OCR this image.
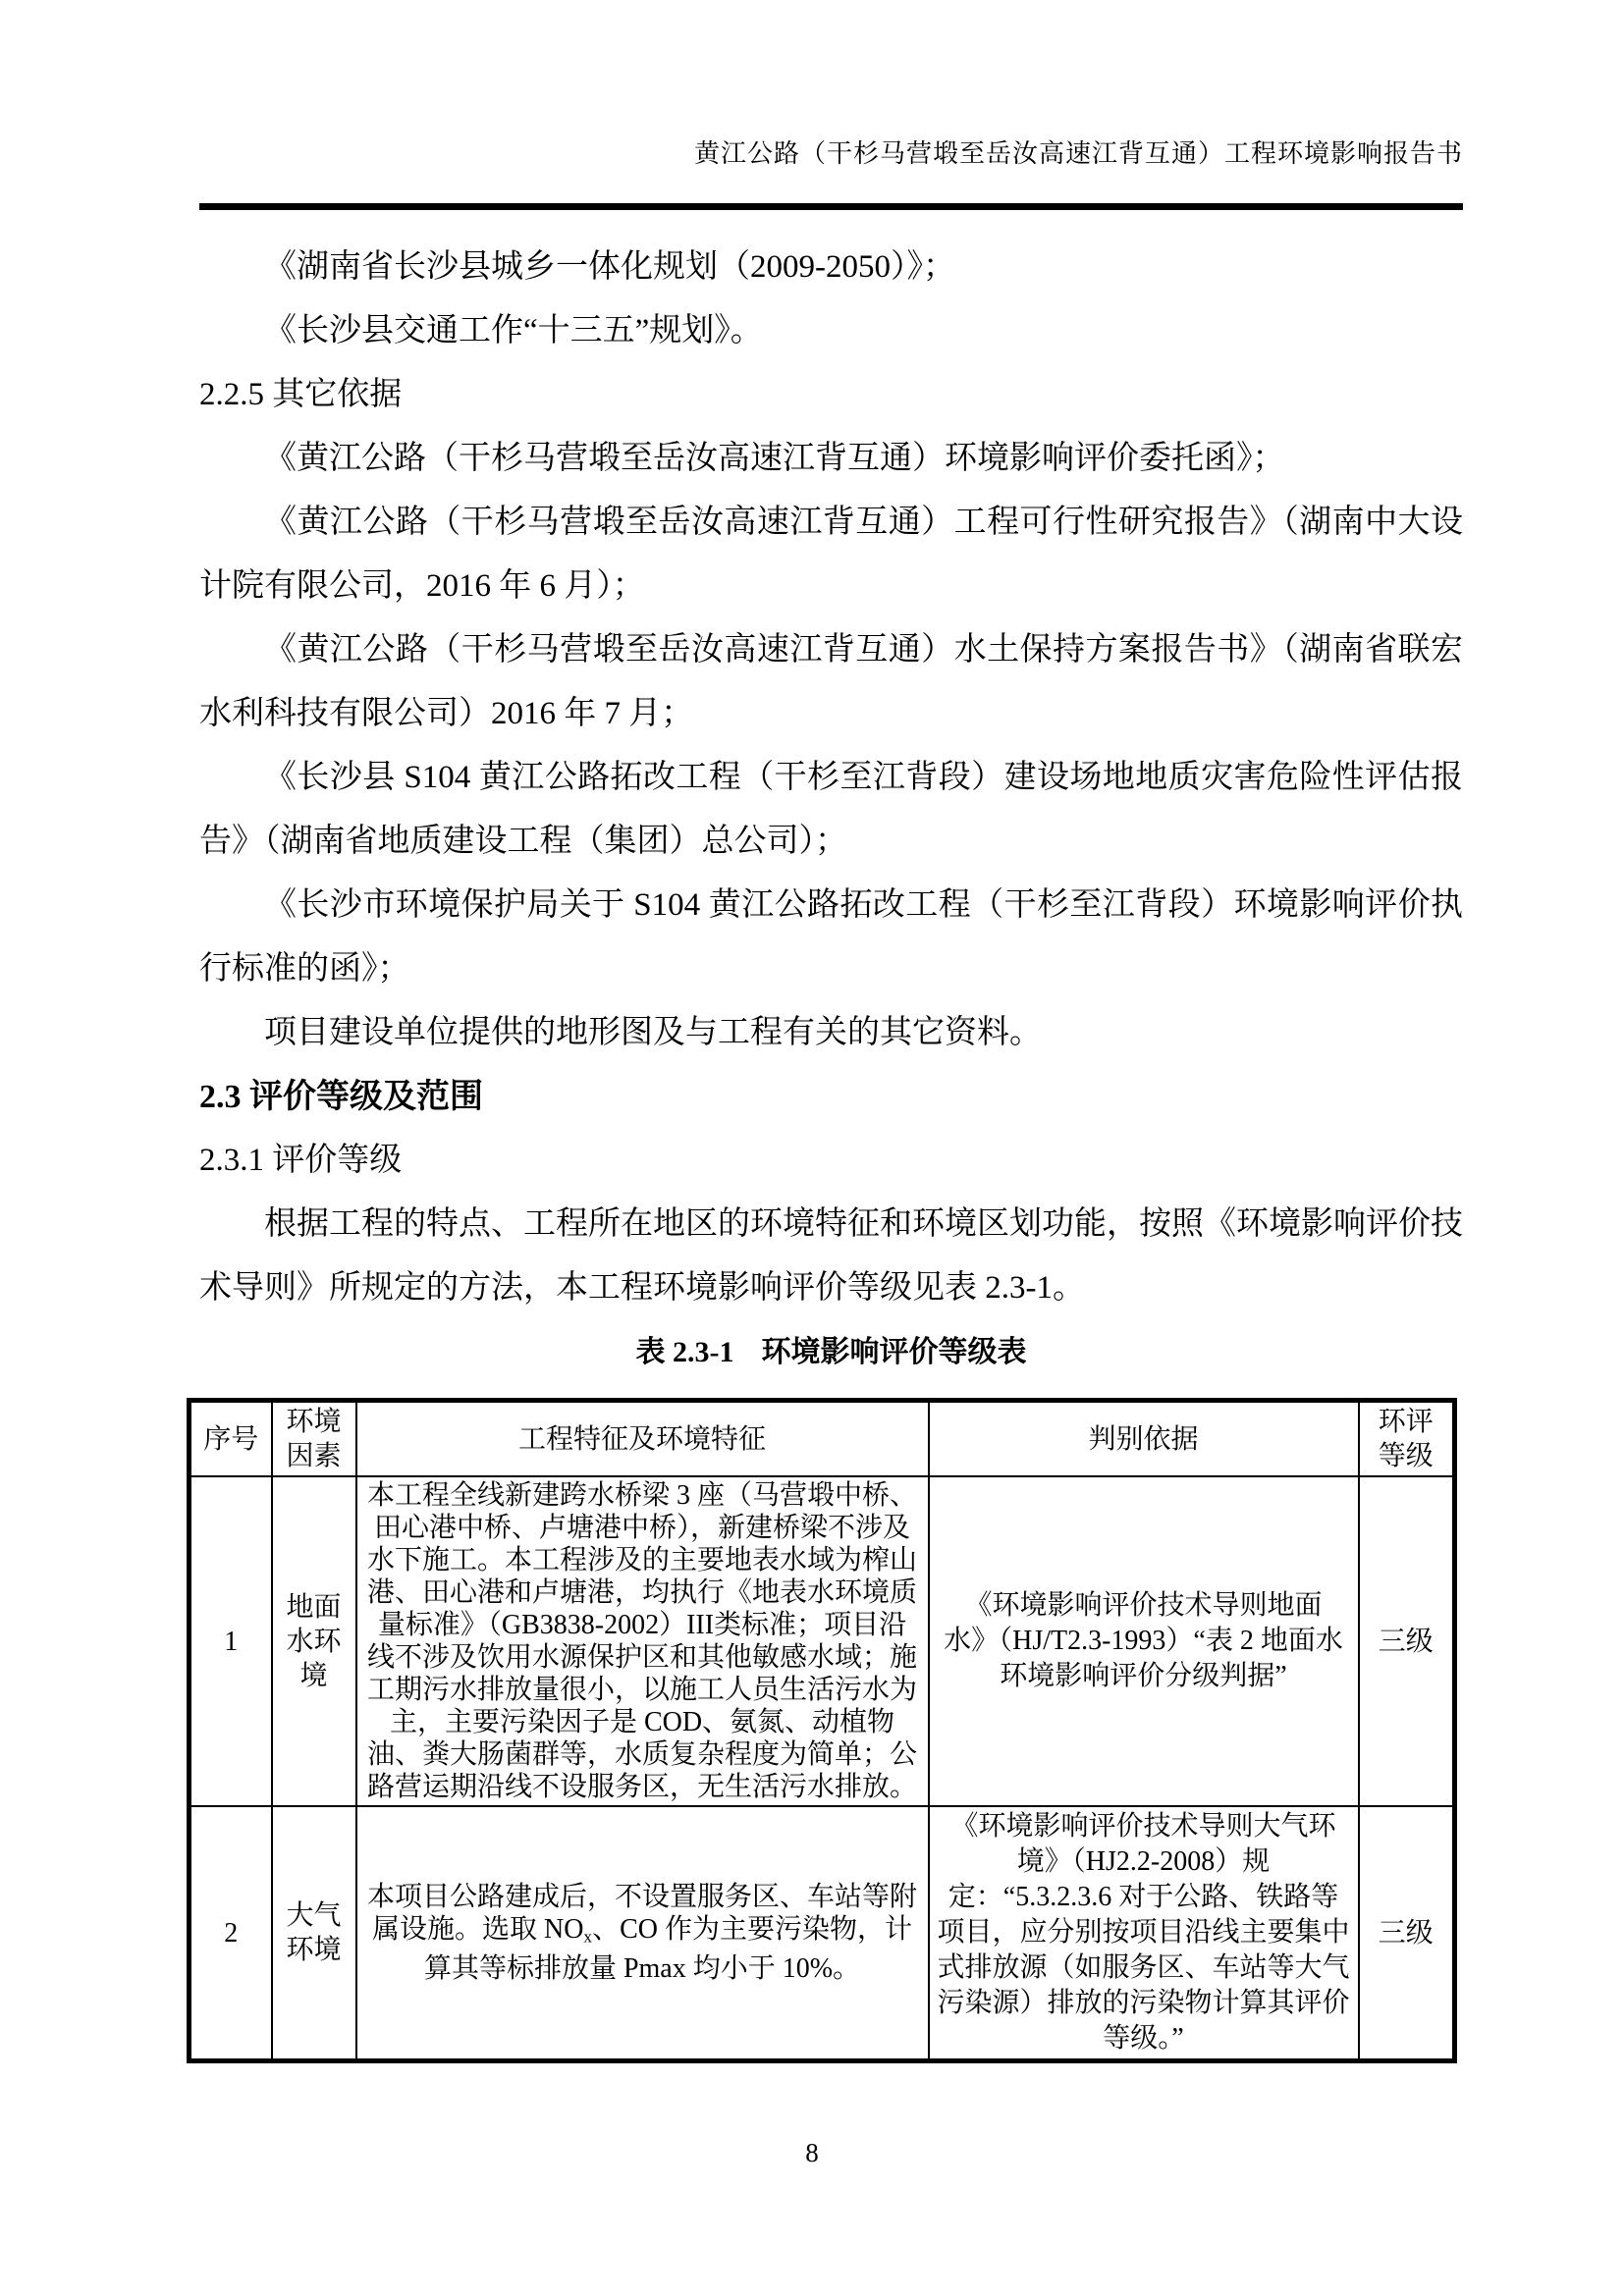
黄江公路（干杉马营塅至岳汝高速江背互通）工程环境影响报告书

《湖南省长沙县城乡一体化规划（2009-2050）》；

《长沙县交通工作“十三五”规划》。

2.2.5 其它依据

《黄江公路（干杉马营塅至岳汝高速江背互通）环境影响评价委托函》；

《黄江公路（干杉马营塅至岳汝高速江背互通）工程可行性研究报告》（湖南中大设计院有限公司，2016 年 6 月）；

《黄江公路（干杉马营塅至岳汝高速江背互通）水土保持方案报告书》（湖南省联宏水利科技有限公司）2016 年 7 月；

《长沙县 S104 黄江公路拓改工程（干杉至江背段）建设场地地质灾害危险性评估报告》（湖南省地质建设工程（集团）总公司）；

《长沙市环境保护局关于 S104 黄江公路拓改工程（干杉至江背段）环境影响评价执行标准的函》；

项目建设单位提供的地形图及与工程有关的其它资料。

2.3 评价等级及范围

2.3.1 评价等级

根据工程的特点、工程所在地区的环境特征和环境区划功能，按照《环境影响评价技术导则》所规定的方法，本工程环境影响评价等级见表 2.3-1。

表 2.3-1 环境影响评价等级表

序号	环境因素	工程特征及环境特征	判别依据	环评等级
1	地面水环境	本工程全线新建跨水桥梁 3 座（马营塅中桥、田心港中桥、卢塘港中桥），新建桥梁不涉及水下施工。本工程涉及的主要地表水域为榨山港、田心港和卢塘港，均执行《地表水环境质量标准》（GB3838-2002）III类标准；项目沿线不涉及饮用水源保护区和其他敏感水域；施工期污水排放量很小，以施工人员生活污水为主，主要污染因子是 COD、氨氮、动植物油、粪大肠菌群等，水质复杂程度为简单；公路营运期沿线不设服务区，无生活污水排放。	《环境影响评价技术导则地面水》（HJ/T2.3-1993）“表 2 地面水环境影响评价分级判据”	三级
2	大气环境	本项目公路建成后，不设置服务区、车站等附属设施。选取 $NO_x$、CO 作为主要污染物，计算其等标排放量 Pmax 均小于 10%。	《环境影响评价技术导则大气环境》（HJ2.2-2008）规定：“5.3.2.3.6 对于公路、铁路等项目，应分别按项目沿线主要集中式排放源（如服务区、车站等大气污染源）排放的污染物计算其评价等级。”	三级
8
